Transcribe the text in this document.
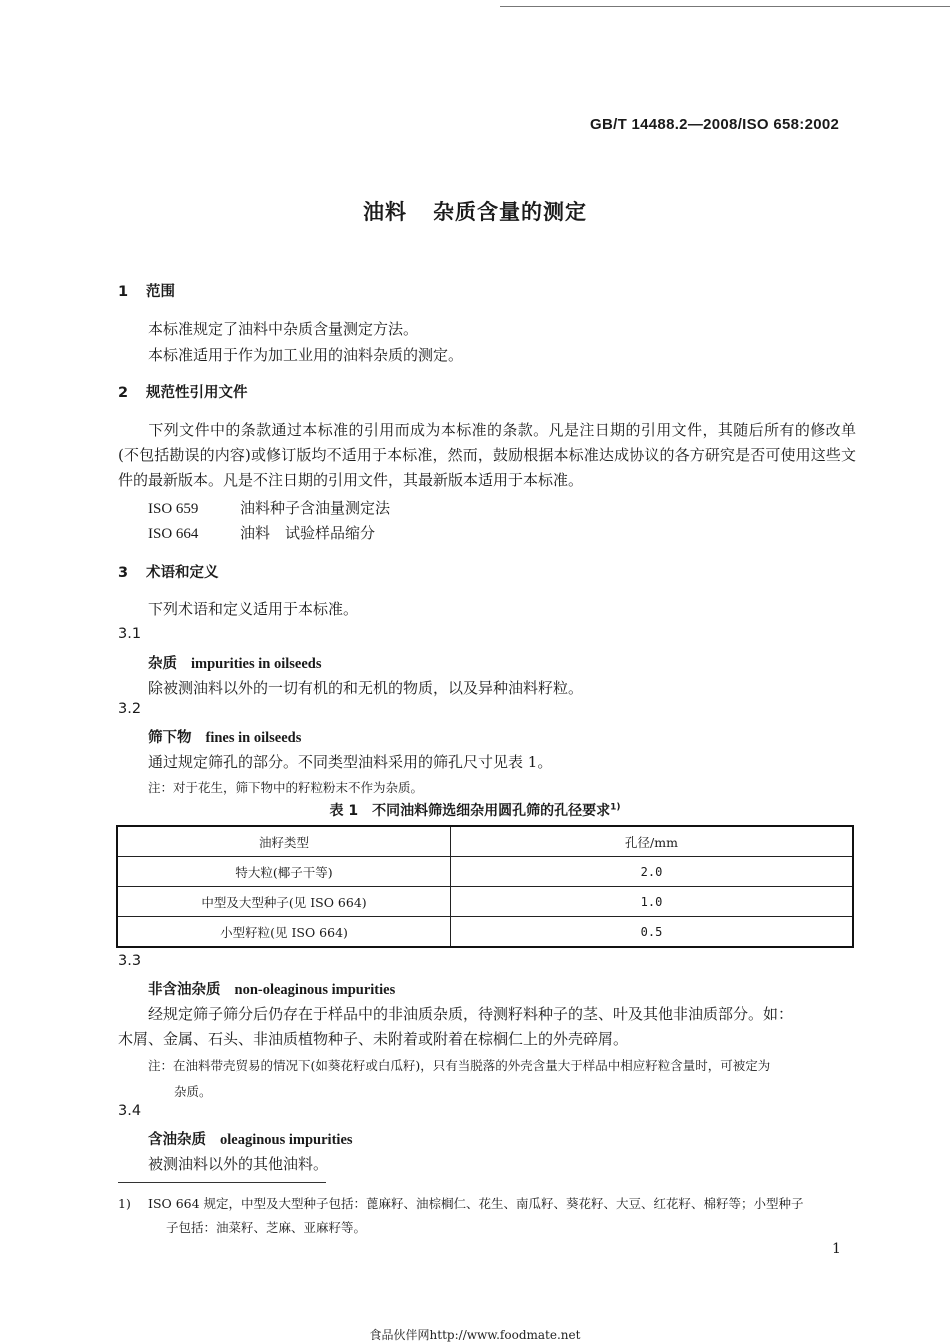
GB/T 14488.2—2008/ISO 658:2002
油料 杂质含量的测定
1 范围
本标准规定了油料中杂质含量测定方法。
本标准适用于作为加工业用的油料杂质的测定。
2 规范性引用文件
下列文件中的条款通过本标准的引用而成为本标准的条款。凡是注日期的引用文件，其随后所有的修改单(不包括勘误的内容)或修订版均不适用于本标准，然而，鼓励根据本标准达成协议的各方研究是否可使用这些文件的最新版本。凡是不注日期的引用文件，其最新版本适用于本标准。
ISO 659	油料种子含油量测定法
ISO 664	油料　试验样品缩分
3 术语和定义
下列术语和定义适用于本标准。
3.1
杂质 impurities in oilseeds
除被测油料以外的一切有机的和无机的物质，以及异种油料籽粒。
3.2
筛下物 fines in oilseeds
通过规定筛孔的部分。不同类型油料采用的筛孔尺寸见表 1。
注：对于花生，筛下物中的籽粒粉末不作为杂质。
表 1　不同油料筛选细杂用圆孔筛的孔径要求$^{1)}$
油籽类型	孔径/mm
特大粒(椰子干等)	2.0
中型及大型种子(见 ISO 664)	1.0
小型籽粒(见 ISO 664)	0.5
3.3
非含油杂质 non-oleaginous impurities
经规定筛子筛分后仍存在于样品中的非油质杂质，待测籽料种子的茎、叶及其他非油质部分。如：
木屑、金属、石头、非油质植物种子、未附着或附着在棕榈仁上的外壳碎屑。
注：在油料带壳贸易的情况下(如葵花籽或白瓜籽)，只有当脱落的外壳含量大于样品中相应籽粒含量时，可被定为
杂质。
3.4
含油杂质 oleaginous impurities
被测油料以外的其他油料。
1) ISO 664 规定，中型及大型种子包括：蓖麻籽、油棕榈仁、花生、南瓜籽、葵花籽、大豆、红花籽、棉籽等；小型种子
子包括：油菜籽、芝麻、亚麻籽等。
1
食品伙伴网http://www.foodmate.net
